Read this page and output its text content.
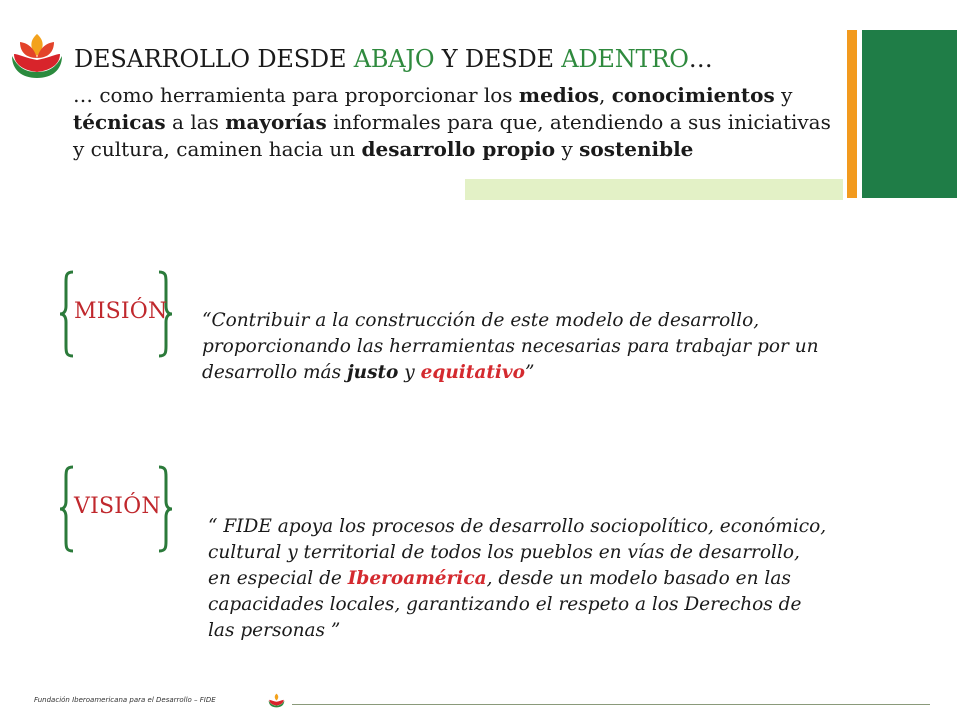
DESARROLLO DESDE ABAJO Y DESDE ADENTRO…
… como herramienta para proporcionar los medios, conocimientos y técnicas a las mayorías informales para que, atendiendo a sus iniciativas y cultura, caminen hacia un desarrollo propio y sostenible
MISIÓN “Contribuir a la construcción de este modelo de desarrollo, proporcionando las herramientas necesarias para trabajar por un desarrollo más justo y equitativo”
VISIÓN
“ FIDE apoya los procesos de desarrollo sociopolítico, económico, cultural y territorial de todos los pueblos en vías de desarrollo, en especial de Iberoamérica, desde un modelo basado en las capacidades locales, garantizando el respeto a los Derechos de las personas ”
Fundación Iberoamericana para el Desarrollo – FIDE
